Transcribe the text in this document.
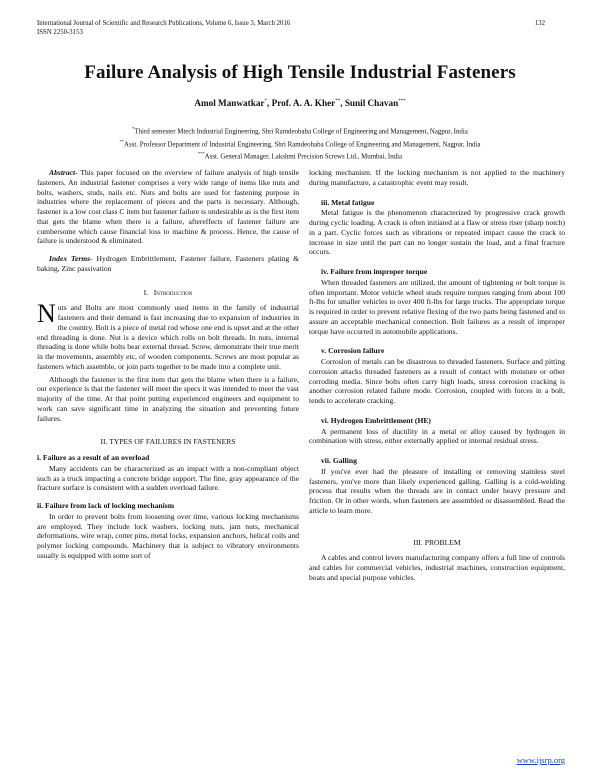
International Journal of Scientific and Research Publications, Volume 6, Issue 3, March 2016
ISSN 2250-3153
132
Failure Analysis of High Tensile Industrial Fasteners
Amol Manwatkar*, Prof. A. A. Kher**, Sunil Chavan***
*Third semester Mtech Industrial Engineering, Shri Ramdeobaba College of Engineering and Management, Nagpur, India
**Asst. Professor Department of Industrial Engineering, Shri Ramdeobaba College of Engineering and Management, Nagpur, India
***Asst. General Manager, Lakshmi Precision Screws Ltd., Mumbai, India

Abstract- This paper focused on the overview of failure analysis of high tensile fasteners. An industrial fastener comprises a very wide range of items like nuts and bolts, washers, studs, nails etc. Nuts and bolts are used for fastening purpose in industries where the replacement of pieces and the parts is necessary. Although, fastener is a low cost class C item but fastener failure is undesirable as is the first item that gets the blame when there is a failure, aftereffects of fastener failure are cumbersome which cause financial loss to machine & process. Hence, the cause of failure is understood & eliminated.

Index Terms- Hydrogen Embrittlement, Fastener failure, Fasteners plating & baking, Zinc passivation

I. Introduction

Nuts and Bolts are most commonly used items in the family of industrial fasteners and their demand is fast increasing due to expansion of industries in the country. Bolt is a piece of metal rod whose one end is upset and at the other end threading is done. Nut is a device which rolls on bolt threads. In nuts, internal threading is done while bolts bear external thread. Screw, demonstrate their true merit in the movements, assembly etc, of wooden components. Screws are most popular as fasteners which assemble, or join parts together to be made into a complete unit.

Although the fastener is the first item that gets the blame when there is a failure, our experience is that the fastener will meet the specs it was intended to meet the vast majority of the time. At that point putting experienced engineers and equipment to work can save significant time in analyzing the situation and preventing future failures.

II. TYPES OF FAILURES IN FASTENERS
i. Failure as a result of an overload

Many accidents can be characterized as an impact with a non-compliant object such as a truck impacting a concrete bridge support. The fine, gray appearance of the fracture surface is consistent with a sudden overload failure.

ii. Failure from lack of locking mechanism

In order to prevent bolts from loosening over time, various locking mechanisms are employed. They include lock washers, locking nuts, jam nuts, mechanical deformations, wire wrap, cotter pins, metal locks, expansion anchors, helical coils and polymer locking compounds. Machinery that is subject to vibratory environments usually is equipped with some sort of

locking mechanism. If the locking mechanism is not applied to the machinery during manufacture, a catastrophic event may result.

iii. Metal fatigue

Metal fatigue is the phenomenon characterized by progressive crack growth during cyclic loading. A crack is often initiated at a flaw or stress riser (sharp notch) in a part. Cyclic forces such as vibrations or repeated impact cause the crack to increase in size until the part can no longer sustain the load, and a final fracture occurs.

iv. Failure from improper torque

When threaded fasteners are utilized, the amount of tightening or bolt torque is often important. Motor vehicle wheel studs require torques ranging from about 100 ft-lbs for smaller vehicles to over 400 ft-lbs for large trucks. The appropriate torque is required in order to prevent relative flexing of the two parts being fastened and to assure an acceptable mechanical connection. Bolt failures as a result of improper torque have occurred in automobile applications.

v. Corrosion failure

Corrosion of metals can be disastrous to threaded fasteners. Surface and pitting corrosion attacks threaded fasteners as a result of contact with moisture or other corroding media. Since bolts often carry high loads, stress corrosion cracking is another corrosion related failure mode. Corrosion, coupled with forces in a bolt, tends to accelerate cracking.

vi. Hydrogen Embrittlement (HE)

A permanent loss of ductility in a metal or alloy caused by hydrogen in combination with stress, either externally applied or internal residual stress.

vii. Galling

If you've ever had the pleasure of installing or removing stainless steel fasteners, you've more than likely experienced galling. Galling is a cold-welding process that results when the threads are in contact under heavy pressure and friction. Or in other words, when fasteners are assembled or disassembled. Read the article to learn more.

III. PROBLEM

A cables and control levers manufacturing company offers a full line of controls and cables for commercial vehicles, industrial machines, construction equipment, boats and special purpose vehicles.

www.ijsrp.org
